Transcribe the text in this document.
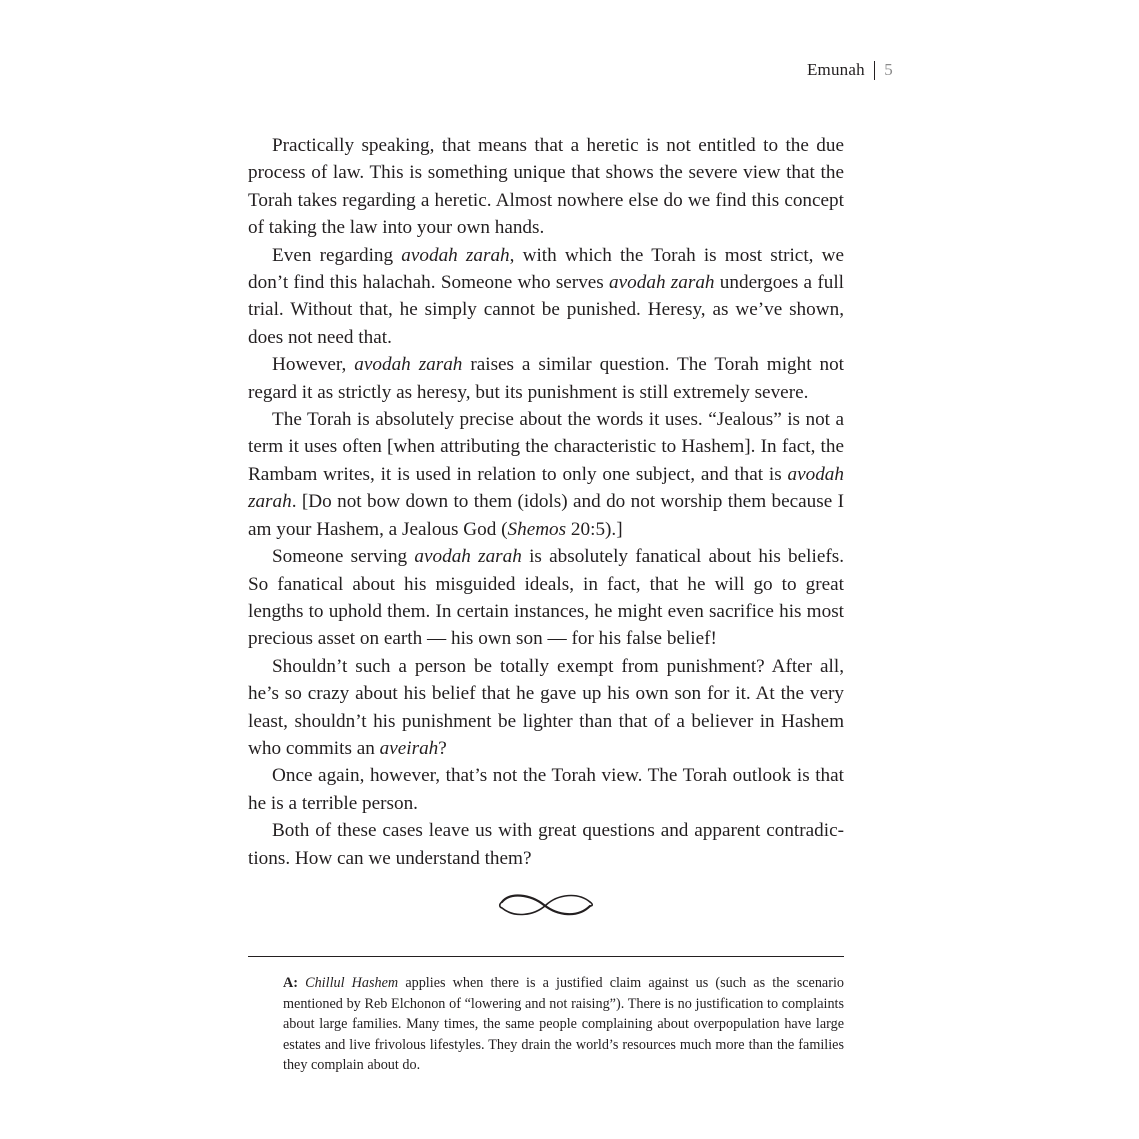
Emunah 5

Practically speaking, that means that a heretic is not entitled to the due process of law. This is something unique that shows the severe view that the Torah takes regarding a heretic. Almost nowhere else do we find this concept of taking the law into your own hands.

Even regarding avodah zarah, with which the Torah is most strict, we don’t find this halachah. Someone who serves avodah zarah undergoes a full trial. Without that, he simply cannot be punished. Heresy, as we’ve shown, does not need that.

However, avodah zarah raises a similar question. The Torah might not regard it as strictly as heresy, but its punishment is still extremely severe.

The Torah is absolutely precise about the words it uses. “Jealous” is not a term it uses often [when attributing the characteristic to Hashem]. In fact, the Rambam writes, it is used in relation to only one subject, and that is avodah zarah. [Do not bow down to them (idols) and do not worship them because I am your Hashem, a Jealous God (Shemos 20:5).]

Someone serving avodah zarah is absolutely fanatical about his beliefs. So fanatical about his misguided ideals, in fact, that he will go to great lengths to uphold them. In certain instances, he might even sacrifice his most precious asset on earth — his own son — for his false belief!

Shouldn’t such a person be totally exempt from punishment? After all, he’s so crazy about his belief that he gave up his own son for it. At the very least, shouldn’t his punishment be lighter than that of a believer in Hashem who commits an aveirah?

Once again, however, that’s not the Torah view. The Torah outlook is that he is a terrible person.

Both of these cases leave us with great questions and apparent contradictions. How can we understand them?

A: Chillul Hashem applies when there is a justified claim against us (such as the scenario mentioned by Reb Elchonon of “lowering and not raising”). There is no justification to complaints about large families. Many times, the same people complaining about overpopulation have large estates and live frivolous lifestyles. They drain the world’s resources much more than the families they complain about do.
